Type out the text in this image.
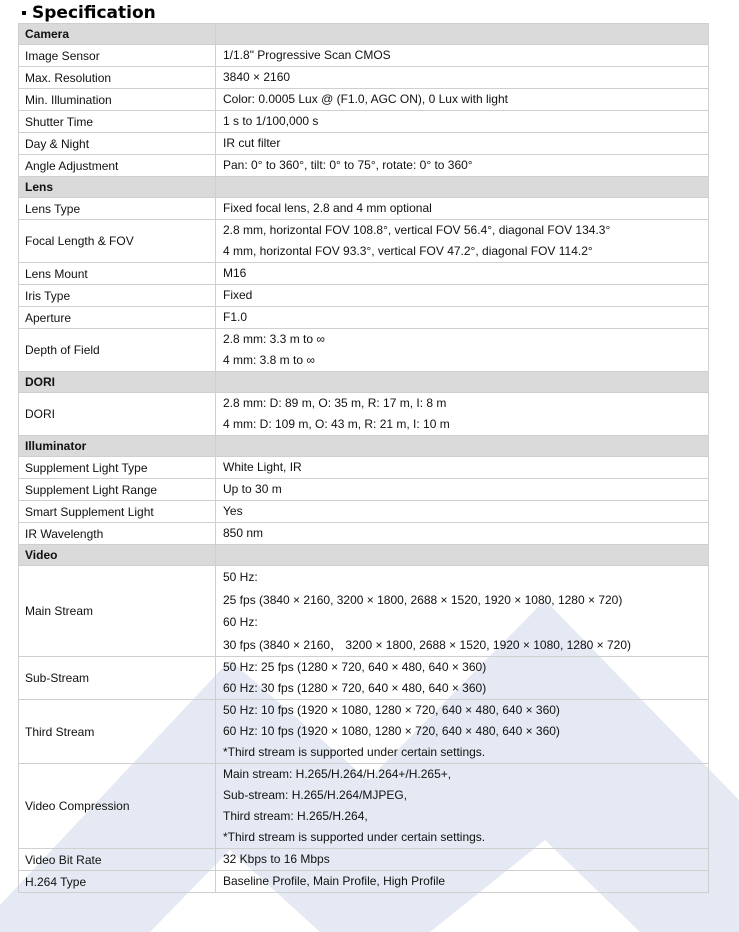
Specification
Camera	
Image Sensor	1/1.8" Progressive Scan CMOS

Max. Resolution	3840 × 2160

Min. Illumination	Color: 0.0005 Lux @ (F1.0, AGC ON), 0 Lux with light

Shutter Time	1 s to 1/100,000 s

Day & Night	IR cut filter

Angle Adjustment	Pan: 0° to 360°, tilt: 0° to 75°, rotate: 0° to 360°

Lens	
Lens Type	Fixed focal lens, 2.8 and 4 mm optional

Focal Length & FOV	2.8 mm, horizontal FOV 108.8°, vertical FOV 56.4°, diagonal FOV 134.3°
4 mm, horizontal FOV 93.3°, vertical FOV 47.2°, diagonal FOV 114.2°

Lens Mount	M16

Iris Type	Fixed

Aperture	F1.0

Depth of Field	2.8 mm: 3.3 m to ∞
4 mm: 3.8 m to ∞

DORI	
DORI	2.8 mm: D: 89 m, O: 35 m, R: 17 m, I: 8 m
4 mm: D: 109 m, O: 43 m, R: 21 m, I: 10 m

Illuminator	
Supplement Light Type	White Light, IR

Supplement Light Range	Up to 30 m

Smart Supplement Light	Yes

IR Wavelength	850 nm

Video	
Main Stream	50 Hz:
25 fps (3840 × 2160, 3200 × 1800, 2688 × 1520, 1920 × 1080, 1280 × 720)
60 Hz:
30 fps (3840 × 2160， 3200 × 1800, 2688 × 1520, 1920 × 1080, 1280 × 720)

Sub-Stream	50 Hz: 25 fps (1280 × 720, 640 × 480, 640 × 360)
60 Hz: 30 fps (1280 × 720, 640 × 480, 640 × 360)

Third Stream	50 Hz: 10 fps (1920 × 1080, 1280 × 720, 640 × 480, 640 × 360)
60 Hz: 10 fps (1920 × 1080, 1280 × 720, 640 × 480, 640 × 360)
*Third stream is supported under certain settings.

Video Compression	Main stream: H.265/H.264/H.264+/H.265+,
Sub-stream: H.265/H.264/MJPEG,
Third stream: H.265/H.264,
*Third stream is supported under certain settings.

Video Bit Rate	32 Kbps to 16 Mbps

H.264 Type	Baseline Profile, Main Profile, High Profile
